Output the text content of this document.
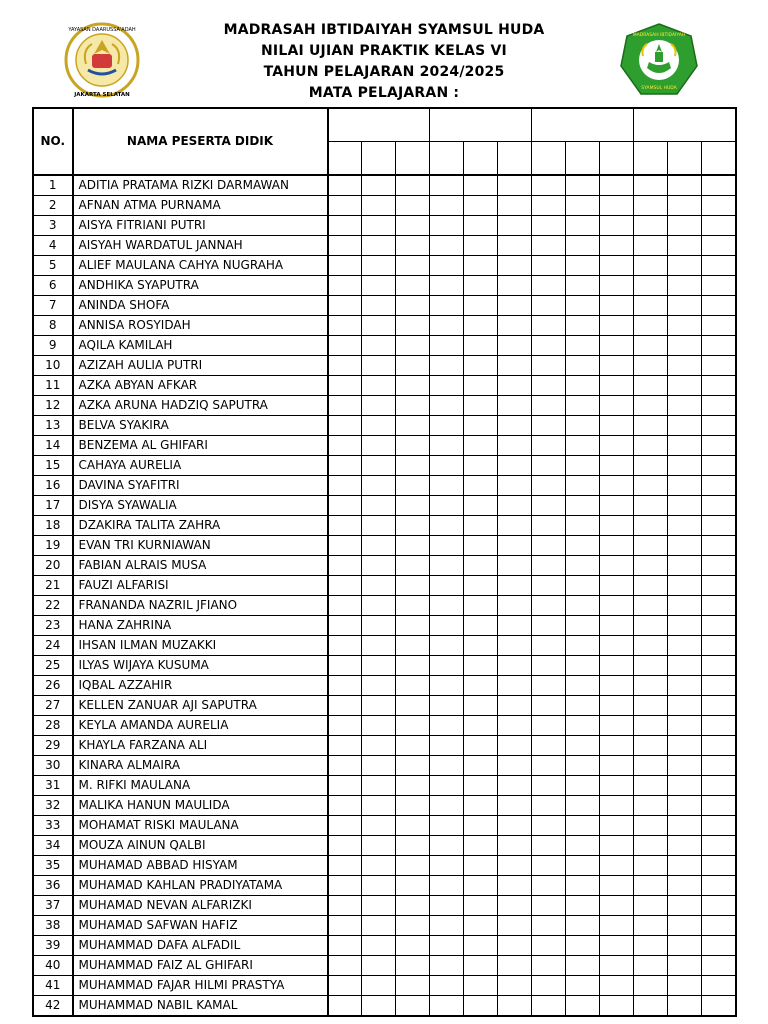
YAYASAN DAARUSSA'ADAH
JAKARTA SELATAN
MADRASAH IBTIDAIYAH SYAMSUL HUDA
NILAI UJIAN PRAKTIK KELAS VI
TAHUN PELAJARAN 2024/2025
MATA PELAJARAN :
MADRASAH IBTIDAIYAH
SYAMSUL HUDA
NO.	NAMA PESERTA DIDIK												

1	ADITIA PRATAMA RIZKI DARMAWAN												
2	AFNAN ATMA PURNAMA												
3	AISYA FITRIANI PUTRI												
4	AISYAH WARDATUL JANNAH												
5	ALIEF MAULANA CAHYA NUGRAHA												
6	ANDHIKA SYAPUTRA												
7	ANINDA SHOFA												
8	ANNISA ROSYIDAH												
9	AQILA KAMILAH												
10	AZIZAH AULIA PUTRI												
11	AZKA ABYAN AFKAR												
12	AZKA ARUNA HADZIQ SAPUTRA												
13	BELVA SYAKIRA												
14	BENZEMA AL GHIFARI												
15	CAHAYA AURELIA												
16	DAVINA SYAFITRI												
17	DISYA SYAWALIA												
18	DZAKIRA TALITA ZAHRA												
19	EVAN TRI KURNIAWAN												
20	FABIAN ALRAIS MUSA												
21	FAUZI ALFARISI												
22	FRANANDA NAZRIL JFIANO												
23	HANA ZAHRINA												
24	IHSAN ILMAN MUZAKKI												
25	ILYAS WIJAYA KUSUMA												
26	IQBAL AZZAHIR												
27	KELLEN ZANUAR AJI SAPUTRA												
28	KEYLA AMANDA AURELIA												
29	KHAYLA FARZANA ALI												
30	KINARA ALMAIRA												
31	M. RIFKI MAULANA												
32	MALIKA HANUN MAULIDA												
33	MOHAMAT RISKI MAULANA												
34	MOUZA AINUN QALBI												
35	MUHAMAD ABBAD HISYAM												
36	MUHAMAD KAHLAN PRADIYATAMA												
37	MUHAMAD NEVAN ALFARIZKI												
38	MUHAMAD SAFWAN HAFIZ												
39	MUHAMMAD DAFA ALFADIL												
40	MUHAMMAD FAIZ AL GHIFARI												
41	MUHAMMAD FAJAR HILMI PRASTYA												
42	MUHAMMAD NABIL KAMAL												
